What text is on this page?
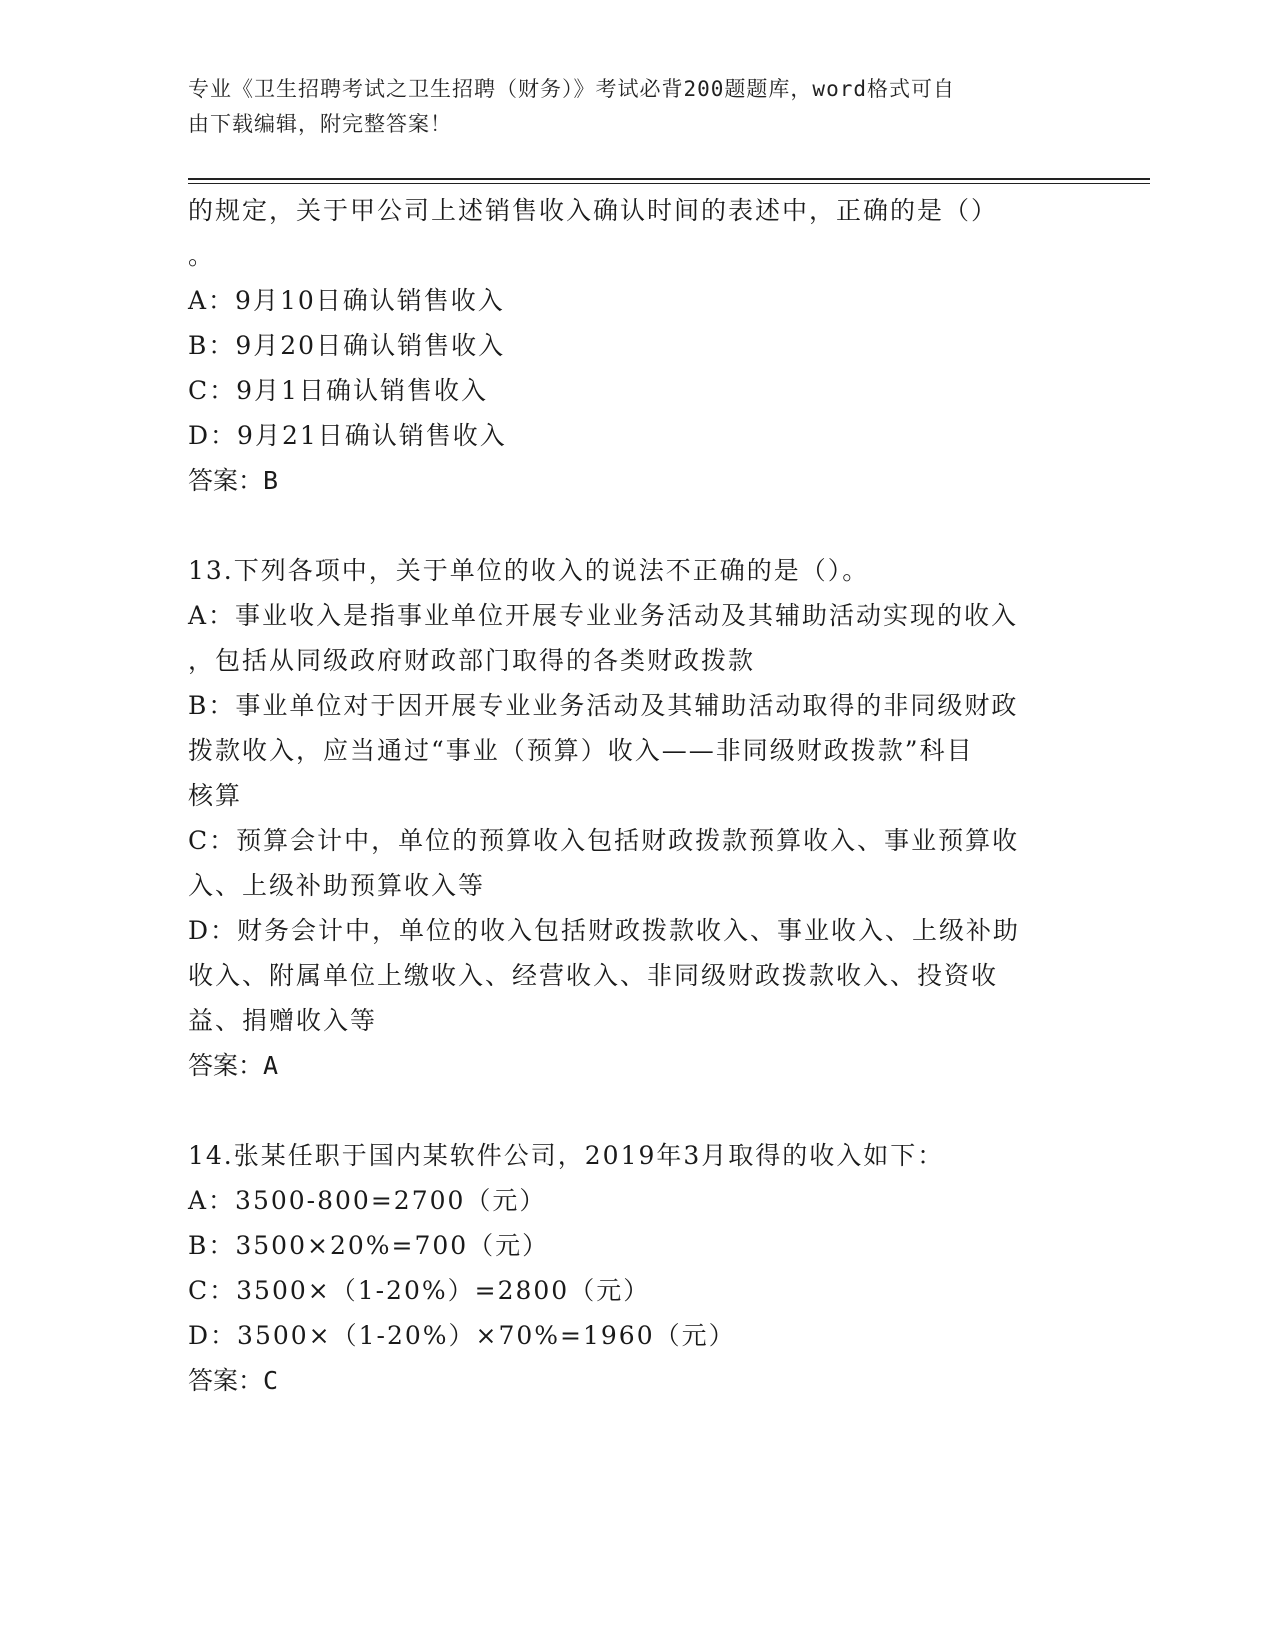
专业《卫生招聘考试之卫生招聘（财务）》考试必背200题题库，word格式可自
由下载编辑，附完整答案！
的规定，关于甲公司上述销售收入确认时间的表述中，正确的是（）
。
A：9月10日确认销售收入
B：9月20日确认销售收入
C：9月1日确认销售收入
D：9月21日确认销售收入
答案：B
13.下列各项中，关于单位的收入的说法不正确的是（）。
A：事业收入是指事业单位开展专业业务活动及其辅助活动实现的收入
，包括从同级政府财政部门取得的各类财政拨款
B：事业单位对于因开展专业业务活动及其辅助活动取得的非同级财政
拨款收入，应当通过“事业（预算）收入——非同级财政拨款”科目
核算
C：预算会计中，单位的预算收入包括财政拨款预算收入、事业预算收
入、上级补助预算收入等
D：财务会计中，单位的收入包括财政拨款收入、事业收入、上级补助
收入、附属单位上缴收入、经营收入、非同级财政拨款收入、投资收
益、捐赠收入等
答案：A
14.张某任职于国内某软件公司，2019年3月取得的收入如下：
A：3500-800=2700（元）
B：3500×20%=700（元）
C：3500×（1-20%）=2800（元）
D：3500×（1-20%）×70%=1960（元）
答案：C
